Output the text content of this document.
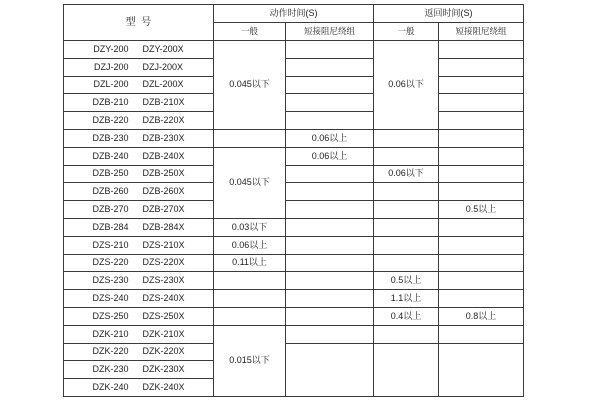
型  号	动作时间(S)		返回时间(S)	
	一般	短接阻尼绕组	一般	短接阻尼绕组

DZY-200 DZY-200X	0.045以下		0.06以下	

DZJ-200 DZJ-200X				

DZL-200 DZL-200X				

DZB-210 DZB-210X				

DZB-220 DZB-220X				

DZB-230 DZB-230X		0.06以上		

DZB-240 DZB-240X	0.045以下	0.06以上		

DZB-250 DZB-250X			0.06以下	

DZB-260 DZB-260X				

DZB-270 DZB-270X				0.5以上

DZB-284 DZB-284X	0.03以下			

DZS-210 DZS-210X	0.06以上			

DZS-220 DZS-220X	0.11以上			

DZS-230 DZS-230X			0.5以上	

DZS-240 DZS-240X			1.1以上	

DZS-250 DZS-250X			0.4以上	0.8以上

DZK-210 DZK-210X	0.015以下			

DZK-220 DZK-220X				

DZK-230 DZK-230X				

DZK-240 DZK-240X				
